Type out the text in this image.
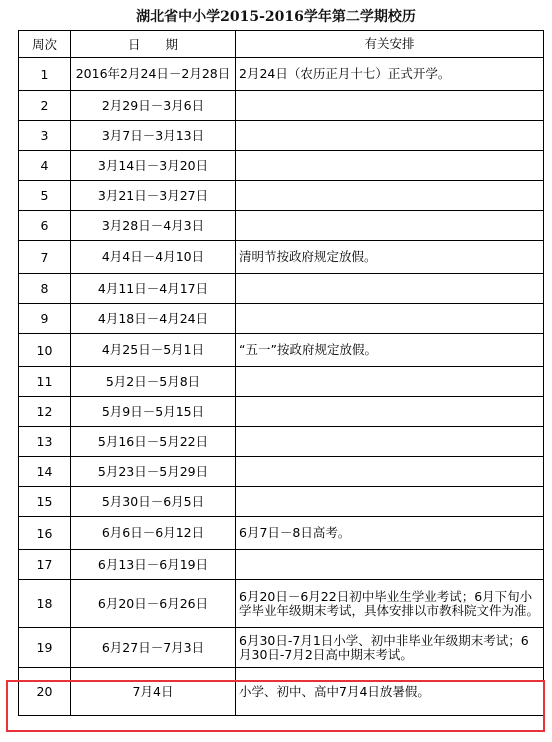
湖北省中小学2015-2016学年第二学期校历
周次	日　　期	有关安排
1	2016年2月24日－2月28日	2月24日（农历正月十七）正式开学。
2	2月29日－3月6日	
3	3月7日－3月13日	
4	3月14日－3月20日	
5	3月21日－3月27日	
6	3月28日－4月3日	
7	4月4日－4月10日	清明节按政府规定放假。
8	4月11日－4月17日	
9	4月18日－4月24日	
10	4月25日－5月1日	“五一”按政府规定放假。
11	5月2日－5月8日	
12	5月9日－5月15日	
13	5月16日－5月22日	
14	5月23日－5月29日	
15	5月30日－6月5日	
16	6月6日－6月12日	6月7日－8日高考。
17	6月13日－6月19日	
18	6月20日－6月26日	6月20日－6月22日初中毕业生学业考试；6月下旬小学毕业年级期末考试，具体安排以市教科院文件为准。
19	6月27日－7月3日	6月30日-7月1日小学、初中非毕业年级期末考试；6月30日-7月2日高中期末考试。
20	7月4日	小学、初中、高中7月4日放暑假。
